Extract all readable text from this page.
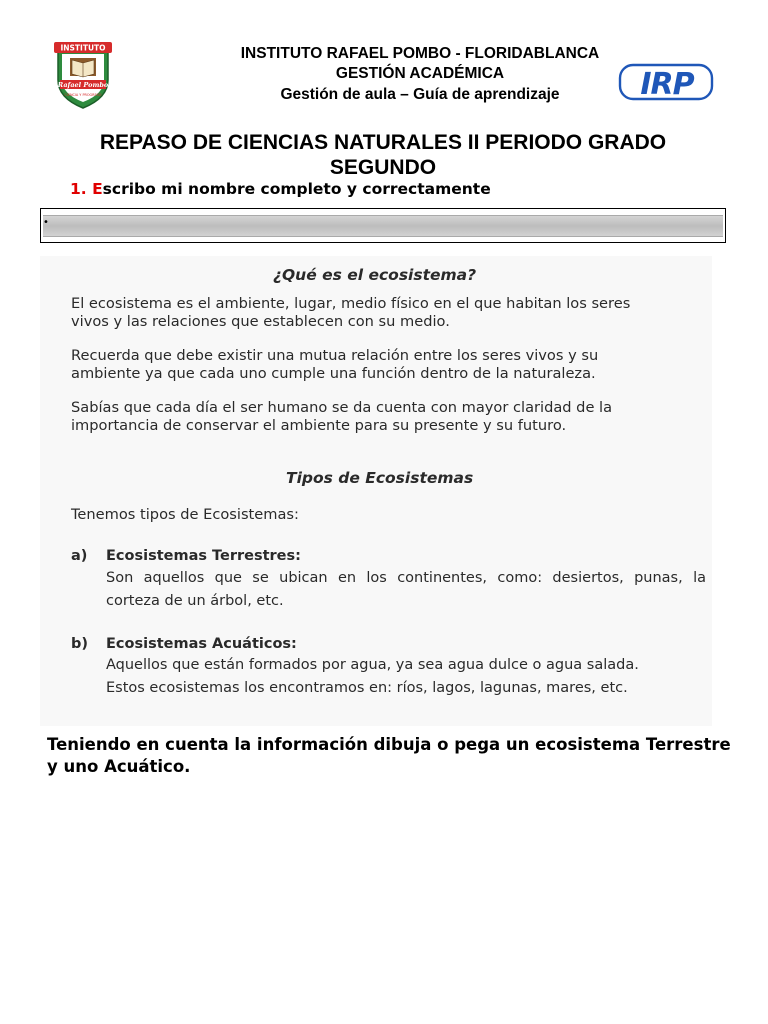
INSTITUTO
Rafael Pombo
CIENCIA Y PROGRESO
INSTITUTO RAFAEL POMBO - FLORIDABLANCA
GESTIÓN ACADÉMICA
Gestión de aula – Guía de aprendizaje	IRP
REPASO DE CIENCIAS NATURALES II PERIODO GRADO SEGUNDO
1. Escribo mi nombre completo y correctamente
•
¿Qué es el ecosistema?
El ecosistema es el ambiente, lugar, medio físico en el que habitan los seres
vivos y las relaciones que establecen con su medio.
Recuerda que debe existir una mutua relación entre los seres vivos y su
ambiente ya que cada uno cumple una función dentro de la naturaleza.
Sabías que cada día el ser humano se da cuenta con mayor claridad de la
importancia de conservar el ambiente para su presente y su futuro.
Tipos de Ecosistemas
Tenemos tipos de Ecosistemas:
a) Ecosistemas Terrestres:
Son aquellos que se ubican en los continentes, como: desiertos, punas, la
corteza de un árbol, etc.
b) Ecosistemas Acuáticos:
Aquellos que están formados por agua, ya sea agua dulce o agua salada.
Estos ecosistemas los encontramos en: ríos, lagos, lagunas, mares, etc.
Teniendo en cuenta la información dibuja o pega un ecosistema Terrestre y uno Acuático.
